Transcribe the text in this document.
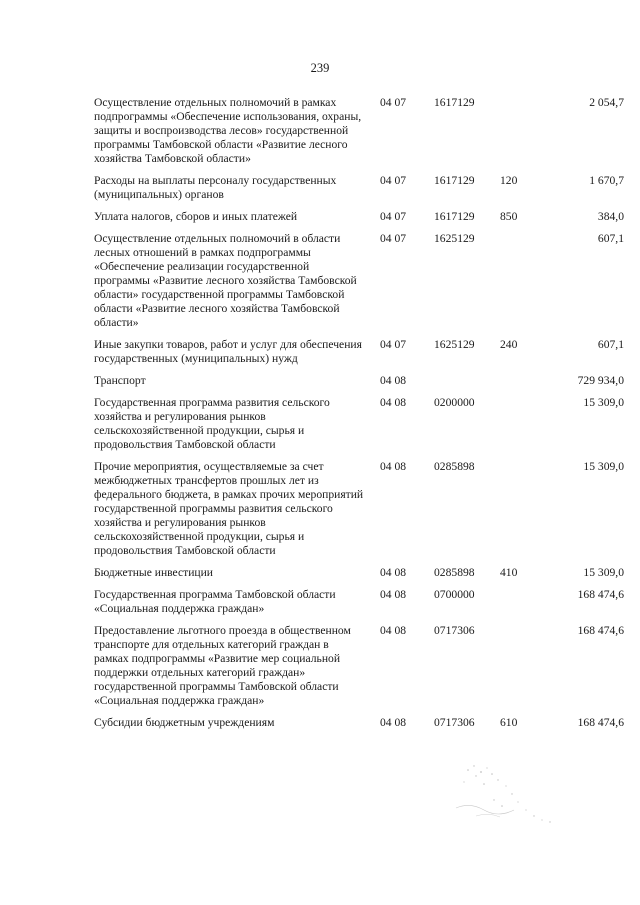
239
Осуществление отдельных полномочий в рамках подпрограммы «Обеспечение использования, охраны, защиты и воспроизводства лесов» государственной программы Тамбовской области «Развитие лесного хозяйства Тамбовской области»	04 07	1617129		2 054,7
Расходы на выплаты персоналу государственных (муниципальных) органов	04 07	1617129	120	1 670,7
Уплата налогов, сборов и иных платежей	04 07	1617129	850	384,0
Осуществление отдельных полномочий в области лесных отношений в рамках подпрограммы «Обеспечение реализации государственной программы «Развитие лесного хозяйства Тамбовской области» государственной программы Тамбовской области «Развитие лесного хозяйства Тамбовской области»	04 07	1625129		607,1
Иные закупки товаров, работ и услуг для обеспечения государственных (муниципальных) нужд	04 07	1625129	240	607,1
Транспорт	04 08			729 934,0
Государственная программа развития сельского хозяйства и регулирования рынков сельскохозяйственной продукции, сырья и продовольствия Тамбовской области	04 08	0200000		15 309,0
Прочие мероприятия, осуществляемые за счет межбюджетных трансфертов прошлых лет из федерального бюджета, в рамках прочих мероприятий государственной программы развития сельского хозяйства и регулирования рынков сельскохозяйственной продукции, сырья и продовольствия Тамбовской области	04 08	0285898		15 309,0
Бюджетные инвестиции	04 08	0285898	410	15 309,0
Государственная программа Тамбовской области «Социальная поддержка граждан»	04 08	0700000		168 474,6
Предоставление льготного проезда в общественном транспорте для отдельных категорий граждан в рамках подпрограммы «Развитие мер социальной поддержки отдельных категорий граждан» государственной программы Тамбовской области «Социальная поддержка граждан»	04 08	0717306		168 474,6
Субсидии бюджетным учреждениям	04 08	0717306	610	168 474,6
